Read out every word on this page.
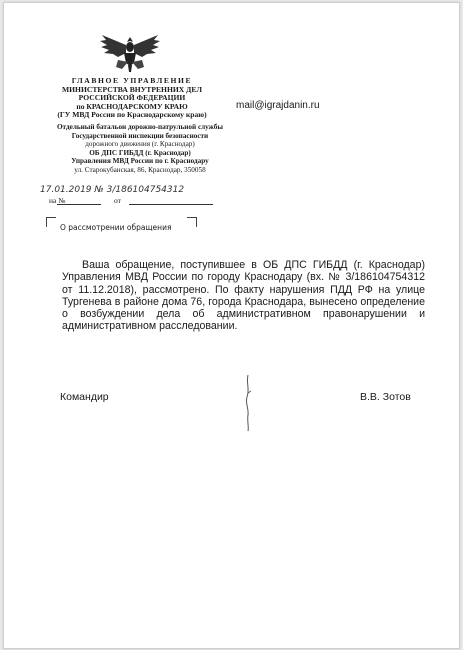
ГЛАВНОЕ УПРАВЛЕНИЕ
МИНИСТЕРСТВА ВНУТРЕННИХ ДЕЛ
РОССИЙСКОЙ ФЕДЕРАЦИИ
по КРАСНОДАРСКОМУ КРАЮ
(ГУ МВД России по Краснодарскому краю)
mail@igrajdanin.ru
Отдельный батальон дорожно-патрульной службы
Государственной инспекции безопасности
дорожного движения (г. Краснодар)
ОБ ДПС ГИБДД (г. Краснодар)
Управления МВД России по г. Краснодару
ул. Старокубанская, 86, Краснодар, 350058
17.01.2019 № 3/186104754312
на №	от
О рассмотрении обращения
Ваша обращение, поступившее в ОБ ДПС ГИБДД (г. Краснодар) Управления МВД России по городу Краснодару (вх. № 3/186104754312 от 11.12.2018), рассмотрено. По факту нарушения ПДД РФ на улице Тургенева в районе дома 76, города Краснодара, вынесено определение о возбуждении дела об административном правонарушении и административном расследовании.
Командир	В.В. Зотов
